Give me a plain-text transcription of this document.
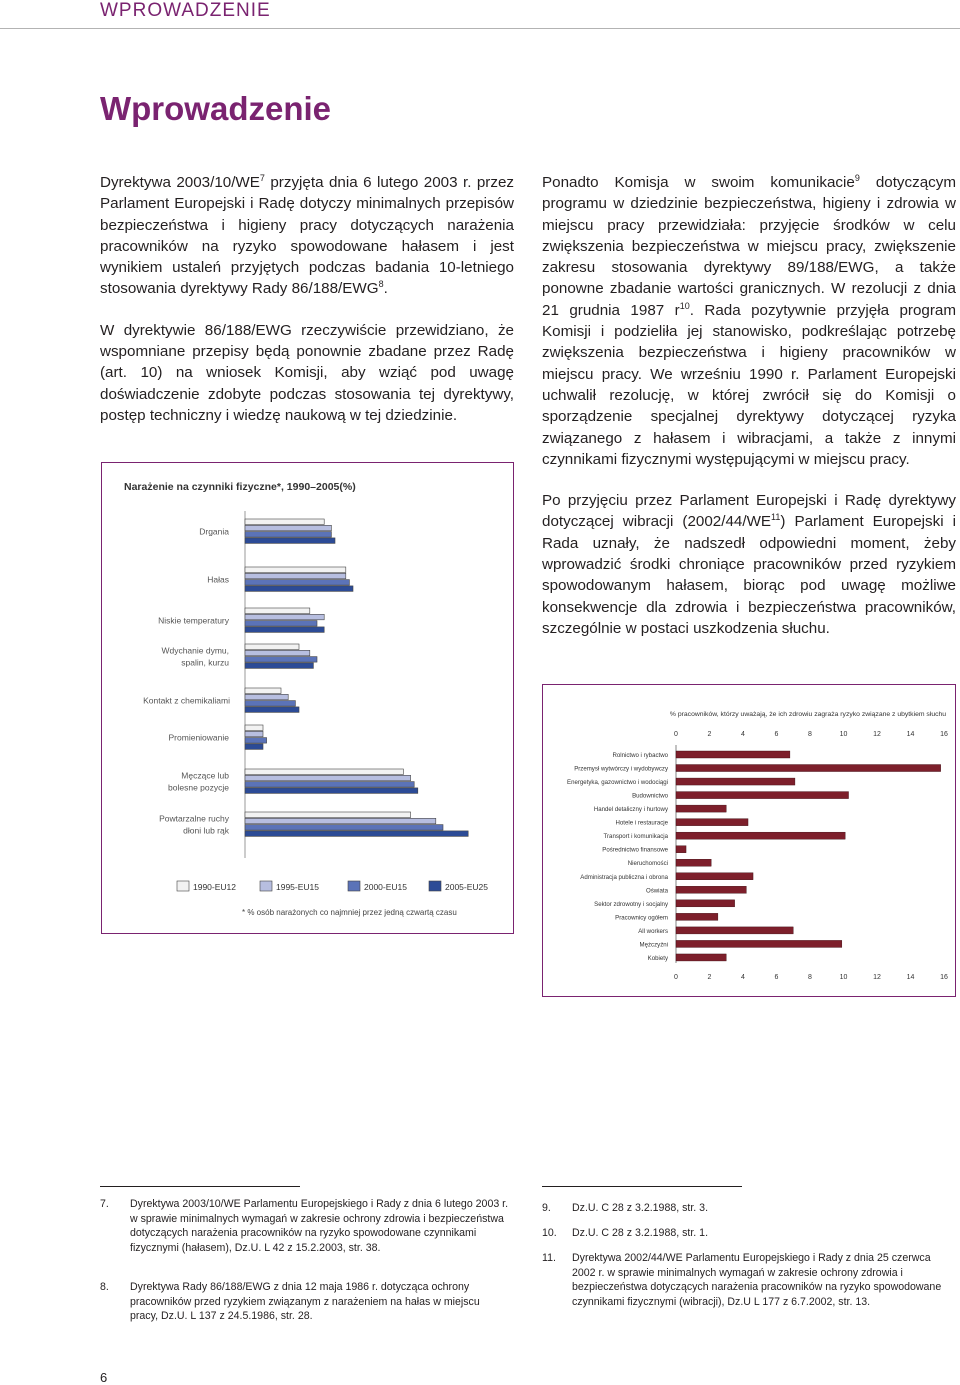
WPROWADZENIE
Wprowadzenie

Dyrektywa $2003/10/WE^7$ przyjęta dnia 6 lutego 2003 r. przez Parlament Europejski i Radę dotyczy minimalnych przepisów bezpieczeństwa i higieny pracy dotyczących narażenia pracowników na ryzyko spowodowane hałasem i jest wynikiem ustaleń przyjętych podczas badania 10-letniego stosowania dyrektywy Rady 86/188/EWG$^8$.

W dyrektywie 86/188/EWG rzeczywiście przewidziano, że wspomniane przepisy będą ponownie zbadane przez Radę (art. 10) na wniosek Komisji, aby wziąć pod uwagę doświadczenie zdobyte podczas stosowania tej dyrektywy, postęp techniczny i wiedzę naukową w tej dziedzinie.

Ponadto Komisja w swoim komunikacie$^9$ dotyczącym programu w dziedzinie bezpieczeństwa, higieny i zdrowia w miejscu pracy przewidziała: przyjęcie środków w celu zwiększenia bezpieczeństwa w miejscu pracy, zwiększenie zakresu stosowania dyrektywy 89/188/EWG, a także ponowne zbadanie wartości granicznych. W rezolucji z dnia 21 grudnia 1987 $r^{10}$. Rada pozytywnie przyjęła program Komisji i podzieliła jej stanowisko, podkreślając potrzebę zwiększenia bezpieczeństwa i higieny pracowników w miejscu pracy. We wrześniu 1990 r. Parlament Europejski uchwalił rezolucję, w której zwrócił się do Komisji o sporządzenie specjalnej dyrektywy dotyczącej ryzyka związanego z hałasem i wibracjami, a także z innymi czynnikami fizycznymi występującymi w miejscu pracy.

Po przyjęciu przez Parlament Europejski i Radę dyrektywy dotyczącej wibracji (2002/44/WE$^{11}$) Parlament Europejski i Rada uznały, że nadszedł odpowiedni moment, żeby wprowadzić środki chroniące pracowników przed ryzykiem spowodowanym hałasem, biorąc pod uwagę możliwe konsekwencje dla zdrowia i bezpieczeństwa pracowników, szczególnie w postaci uszkodzenia słuchu.

Narażenie na czynniki fizyczne*, 1990–2005(%)
Drgania
Hałas
Niskie temperatury
Wdychanie dymu,
spalin, kurzu
Kontakt z chemikaliami
Promieniowanie
Męczące lub
bolesne pozycje
Powtarzalne ruchy
dłoni lub rąk
1990-EU12	1995-EU15	2000-EU15	2005-EU25
* % osób narażonych co najmniej przez jedną czwartą czasu
% pracowników, którzy uważają, że ich zdrowiu zagraża ryzyko związane z ubytkiem słuchu
0
0
2
2
4
4
6
6
8
8
10
10
12
12
14
14
16
16
Rolnictwo i rybactwo
Przemysł wytwórczy i wydobywczy
Energetyka, gazownictwo i wodociągi
Budownictwo
Handel detaliczny i hurtowy
Hotele i restauracje
Transport i komunikacja
Pośrednictwo finansowe
Nieruchomości
Administracja publiczna i obrona
Oświata
Sektor zdrowotny i socjalny
Pracownicy ogółem
All workers
Mężczyźni
Kobiety
7. Dyrektywa 2003/10/WE Parlamentu Europejskiego i Rady z dnia 6 lutego 2003 r. w sprawie minimalnych wymagań w zakresie ochrony zdrowia i bezpieczeństwa dotyczących narażenia pracowników na ryzyko spowodowane czynnikami fizycznymi (hałasem), Dz.U. L 42 z 15.2.2003, str. 38.
8. Dyrektywa Rady 86/188/EWG z dnia 12 maja 1986 r. dotycząca ochrony pracowników przed ryzykiem związanym z narażeniem na hałas w miejscu pracy, Dz.U. L 137 z 24.5.1986, str. 28.
9. Dz.U. C 28 z 3.2.1988, str. 3.
10. Dz.U. C 28 z 3.2.1988, str. 1.
11. Dyrektywa 2002/44/WE Parlamentu Europejskiego i Rady z dnia 25 czerwca 2002 r. w sprawie minimalnych wymagań w zakresie ochrony zdrowia i bezpieczeństwa dotyczących narażenia pracowników na ryzyko spowodowane czynnikami fizycznymi (wibracji), Dz.U L 177 z 6.7.2002, str. 13.
6
